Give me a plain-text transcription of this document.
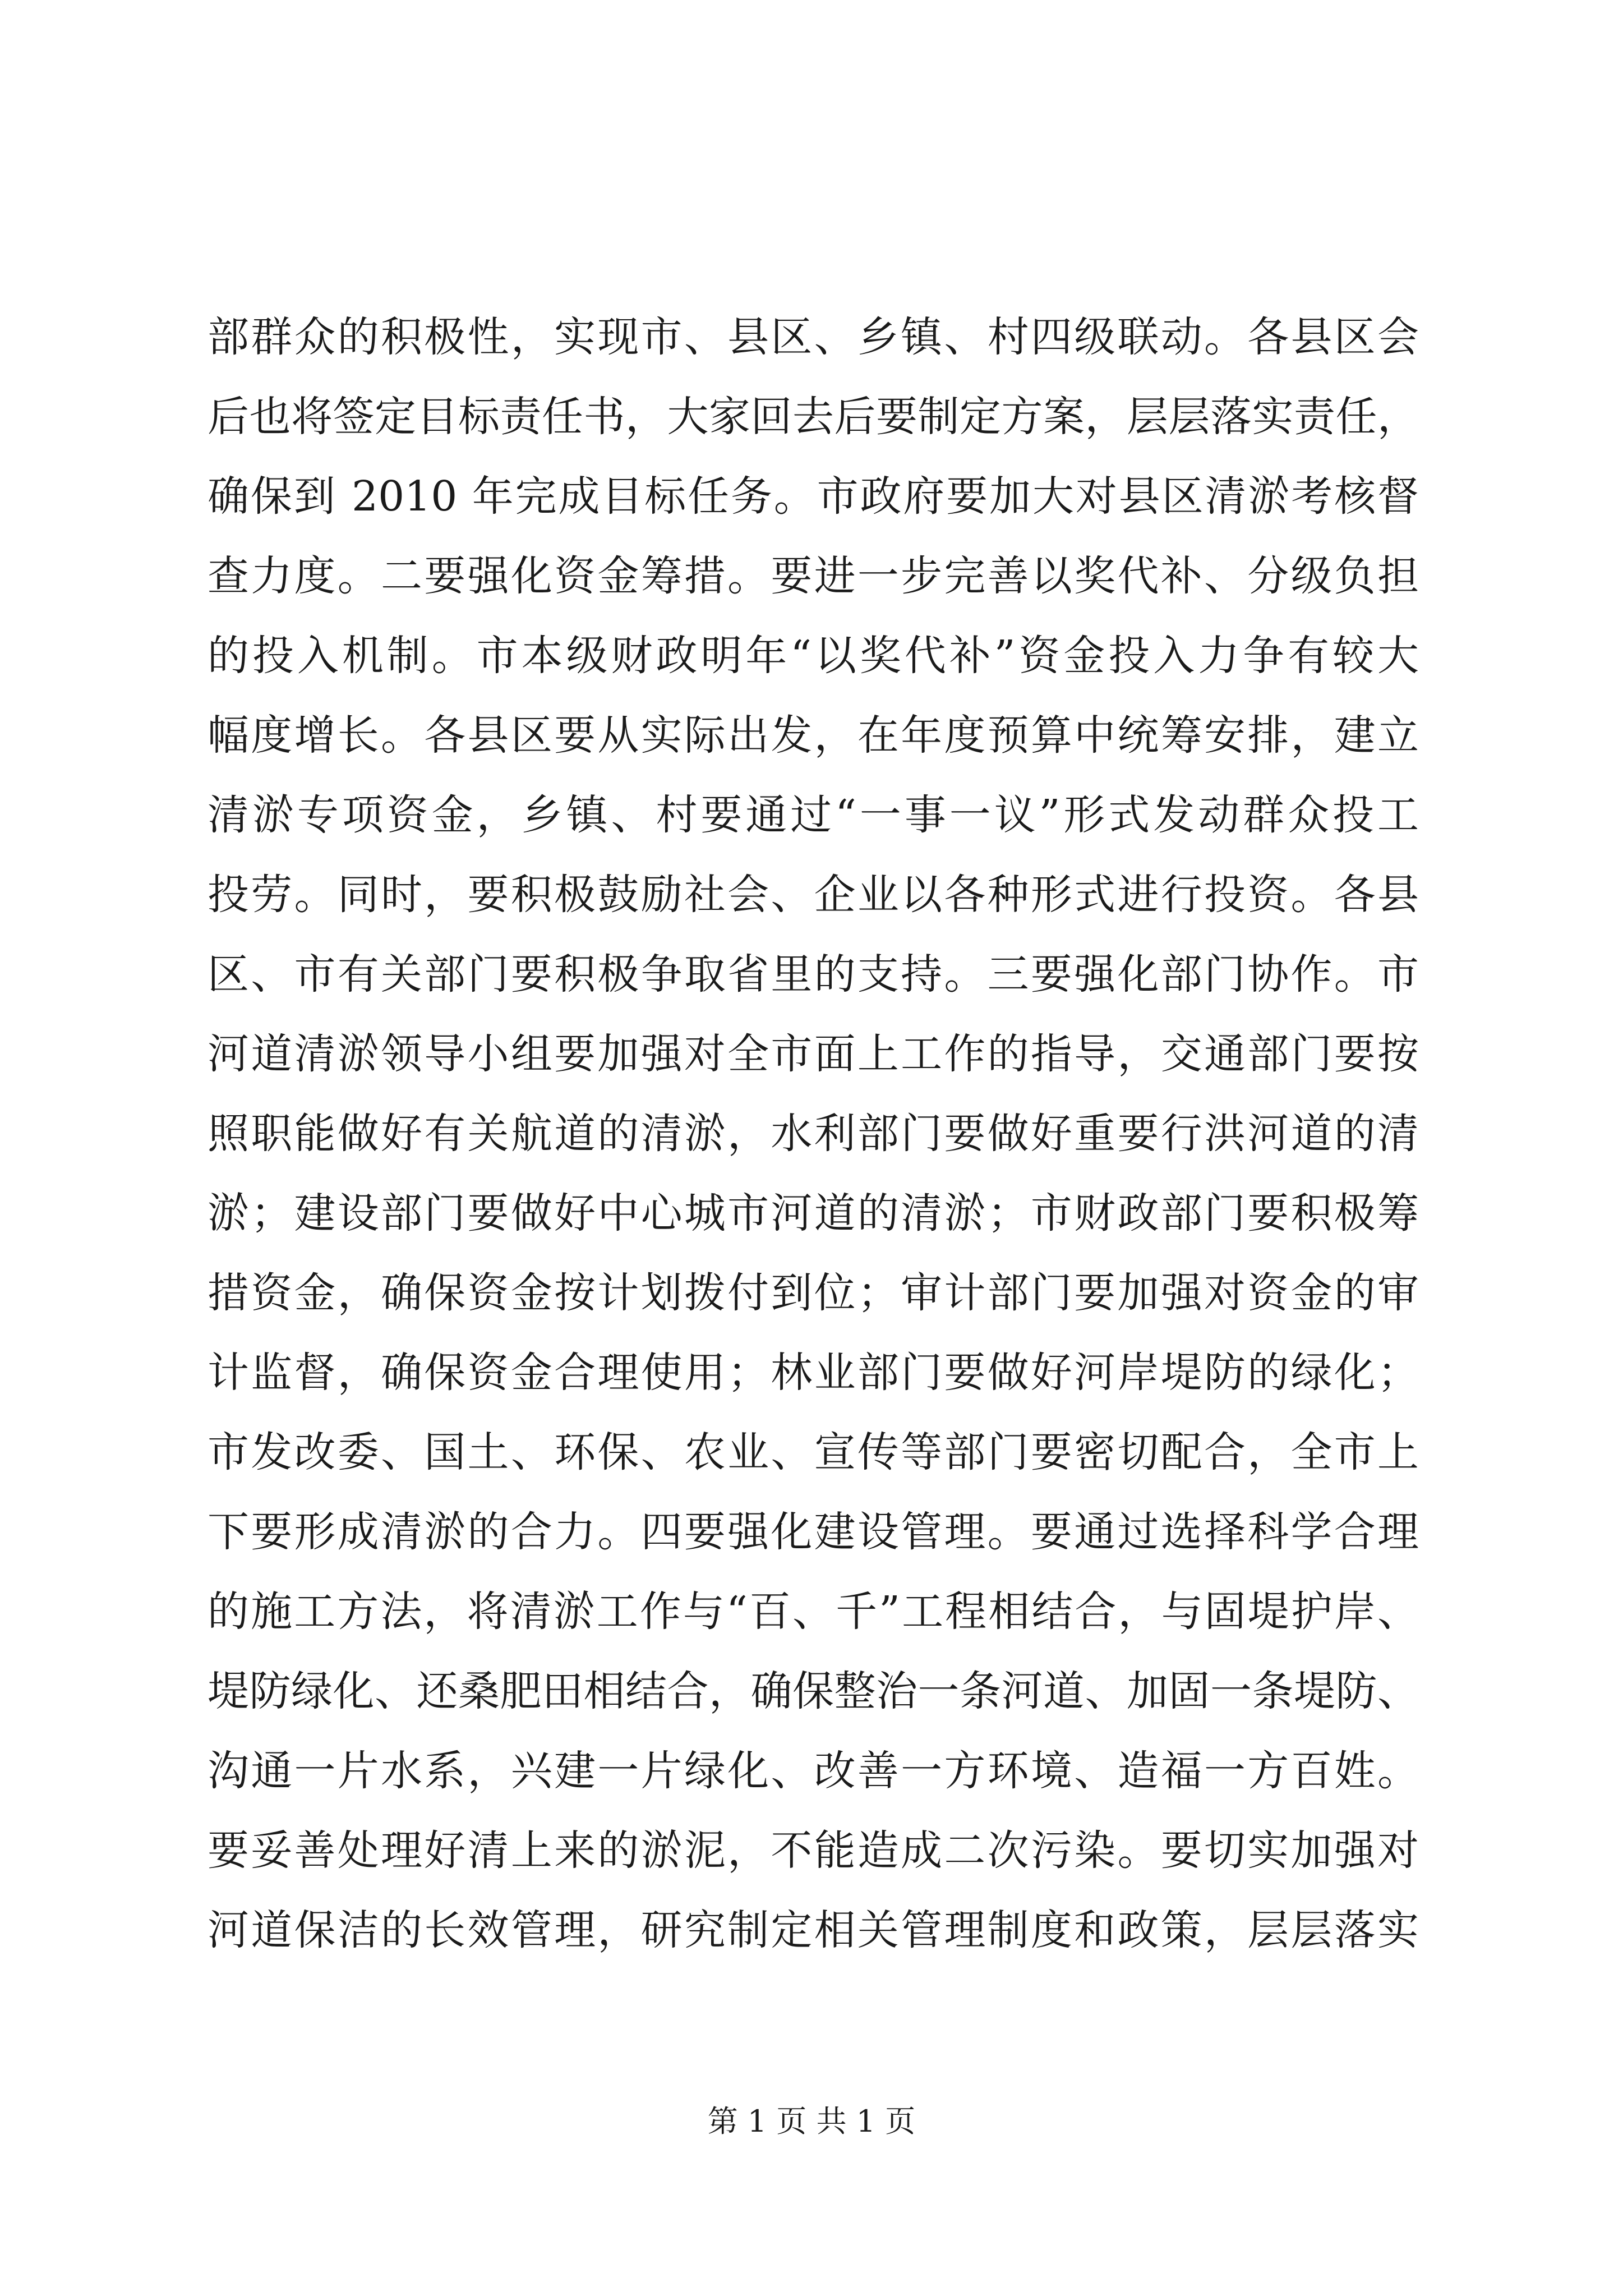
部群众的积极性，实现市、县区、乡镇、村四级联动。各县区会
后也将签定目标责任书，大家回去后要制定方案，层层落实责任，
确保到 2010 年完成目标任务。市政府要加大对县区清淤考核督
查力度。二要强化资金筹措。要进一步完善以奖代补、分级负担
的投入机制。市本级财政明年“以奖代补”资金投入力争有较大
幅度增长。各县区要从实际出发，在年度预算中统筹安排，建立
清淤专项资金，乡镇、村要通过“一事一议”形式发动群众投工
投劳。同时，要积极鼓励社会、企业以各种形式进行投资。各县
区、市有关部门要积极争取省里的支持。三要强化部门协作。市
河道清淤领导小组要加强对全市面上工作的指导，交通部门要按
照职能做好有关航道的清淤，水利部门要做好重要行洪河道的清
淤；建设部门要做好中心城市河道的清淤；市财政部门要积极筹
措资金，确保资金按计划拨付到位；审计部门要加强对资金的审
计监督，确保资金合理使用；林业部门要做好河岸堤防的绿化；
市发改委、国土、环保、农业、宣传等部门要密切配合，全市上
下要形成清淤的合力。四要强化建设管理。要通过选择科学合理
的施工方法，将清淤工作与“百、千”工程相结合，与固堤护岸、
堤防绿化、还桑肥田相结合，确保整治一条河道、加固一条堤防、
沟通一片水系，兴建一片绿化、改善一方环境、造福一方百姓。
要妥善处理好清上来的淤泥，不能造成二次污染。要切实加强对
河道保洁的长效管理，研究制定相关管理制度和政策，层层落实
第 1 页 共 1 页
